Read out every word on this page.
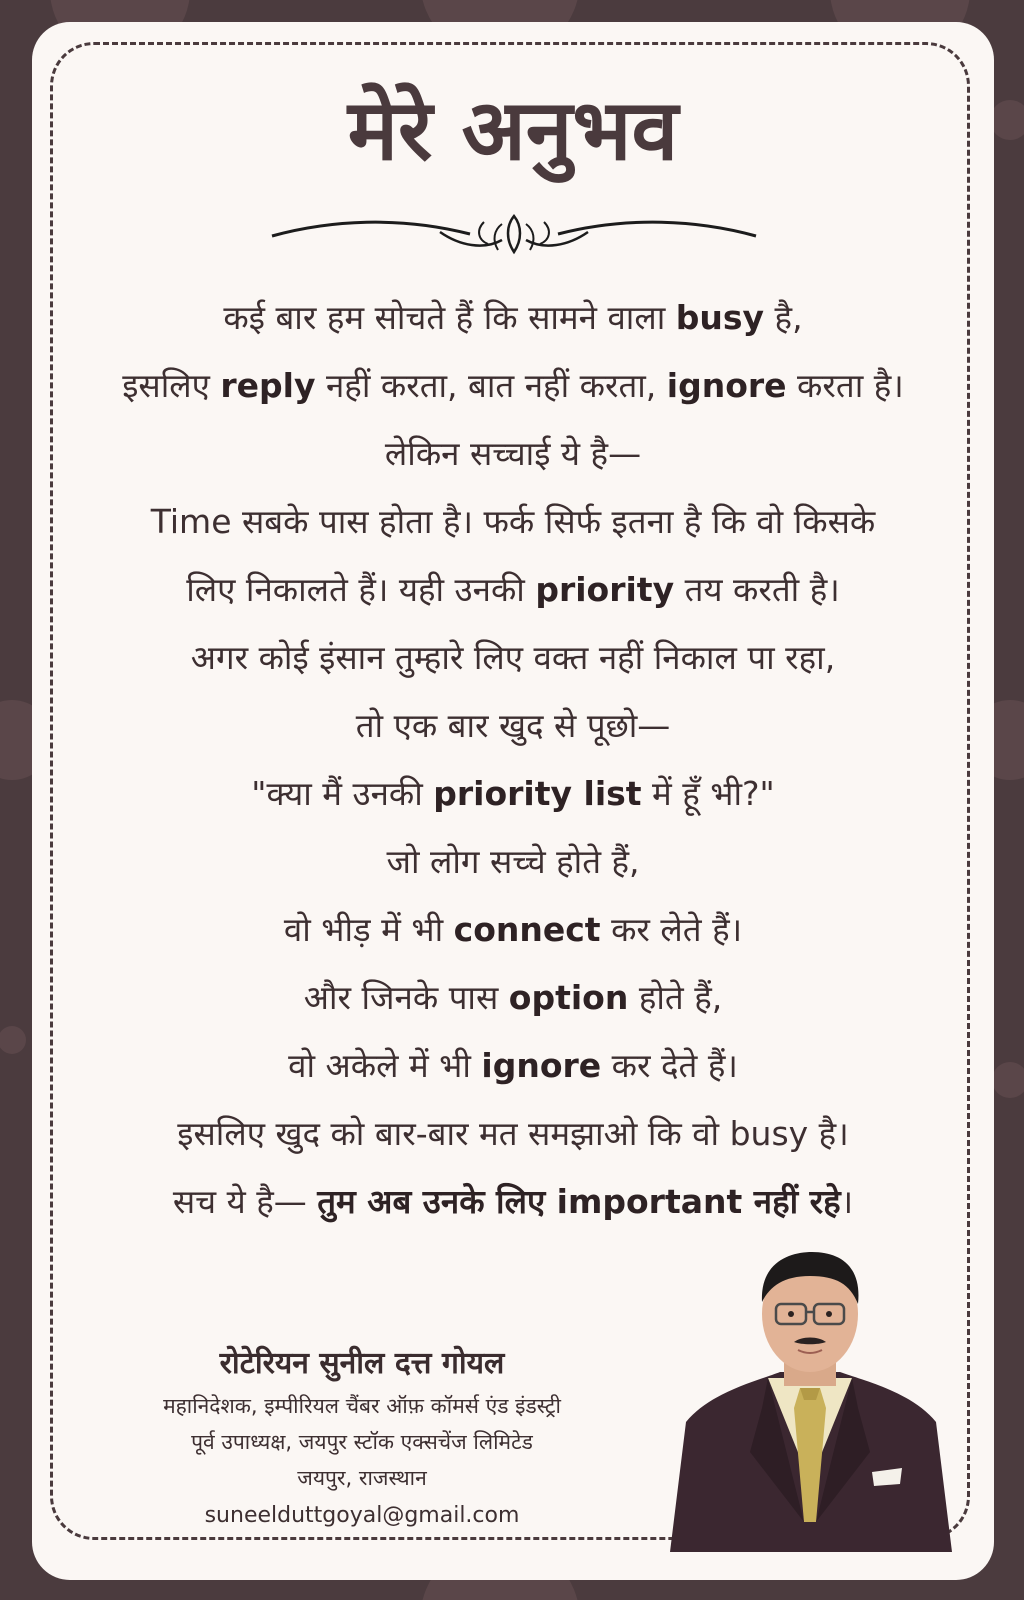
मेरे अनुभव
कई बार हम सोचते हैं कि सामने वाला busy है,
इसलिए reply नहीं करता, बात नहीं करता, ignore करता है।
लेकिन सच्चाई ये है—
Time सबके पास होता है। फर्क सिर्फ इतना है कि वो किसके
लिए निकालते हैं। यही उनकी priority तय करती है।
अगर कोई इंसान तुम्हारे लिए वक्त नहीं निकाल पा रहा,
तो एक बार खुद से पूछो—
"क्या मैं उनकी priority list में हूँ भी?"
जो लोग सच्चे होते हैं,
वो भीड़ में भी connect कर लेते हैं।
और जिनके पास option होते हैं,
वो अकेले में भी ignore कर देते हैं।
इसलिए खुद को बार-बार मत समझाओ कि वो busy है।
सच ये है— तुम अब उनके लिए important नहीं रहे।
रोटेरियन सुनील दत्त गोयल
महानिदेशक, इम्पीरियल चैंबर ऑफ़ कॉमर्स एंड इंडस्ट्री
पूर्व उपाध्यक्ष, जयपुर स्टॉक एक्सचेंज लिमिटेड
जयपुर, राजस्थान
suneelduttgoyal@gmail.com
